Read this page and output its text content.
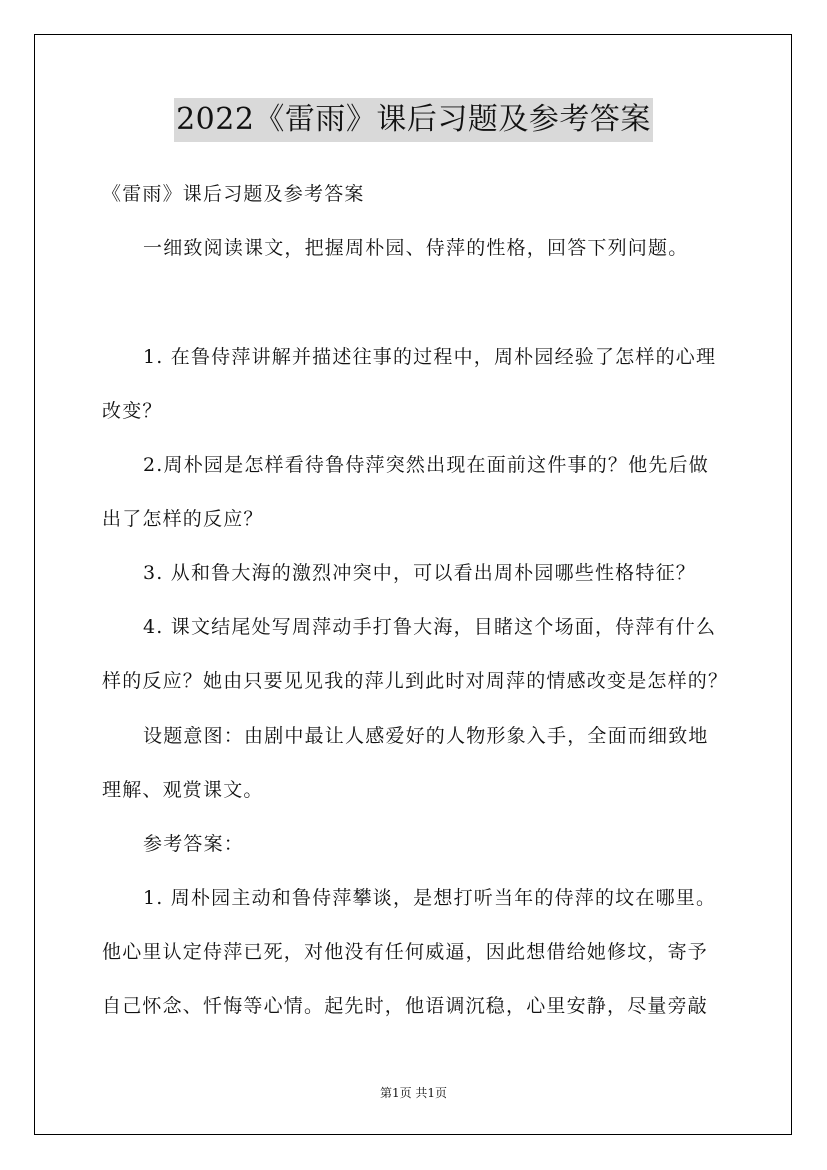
2022《雷雨》课后习题及参考答案
《雷雨》课后习题及参考答案
一细致阅读课文，把握周朴园、侍萍的性格，回答下列问题。
1. 在鲁侍萍讲解并描述往事的过程中，周朴园经验了怎样的心理
改变？
2.周朴园是怎样看待鲁侍萍突然出现在面前这件事的？他先后做
出了怎样的反应？
3. 从和鲁大海的激烈冲突中，可以看出周朴园哪些性格特征？
4. 课文结尾处写周萍动手打鲁大海，目睹这个场面，侍萍有什么
样的反应？她由只要见见我的萍儿到此时对周萍的情感改变是怎样的？
设题意图：由剧中最让人感爱好的人物形象入手，全面而细致地
理解、观赏课文。
参考答案：
1. 周朴园主动和鲁侍萍攀谈，是想打听当年的侍萍的坟在哪里。
他心里认定侍萍已死，对他没有任何威逼，因此想借给她修坟，寄予
自己怀念、忏悔等心情。起先时，他语调沉稳，心里安静，尽量旁敲
第1页 共1页
